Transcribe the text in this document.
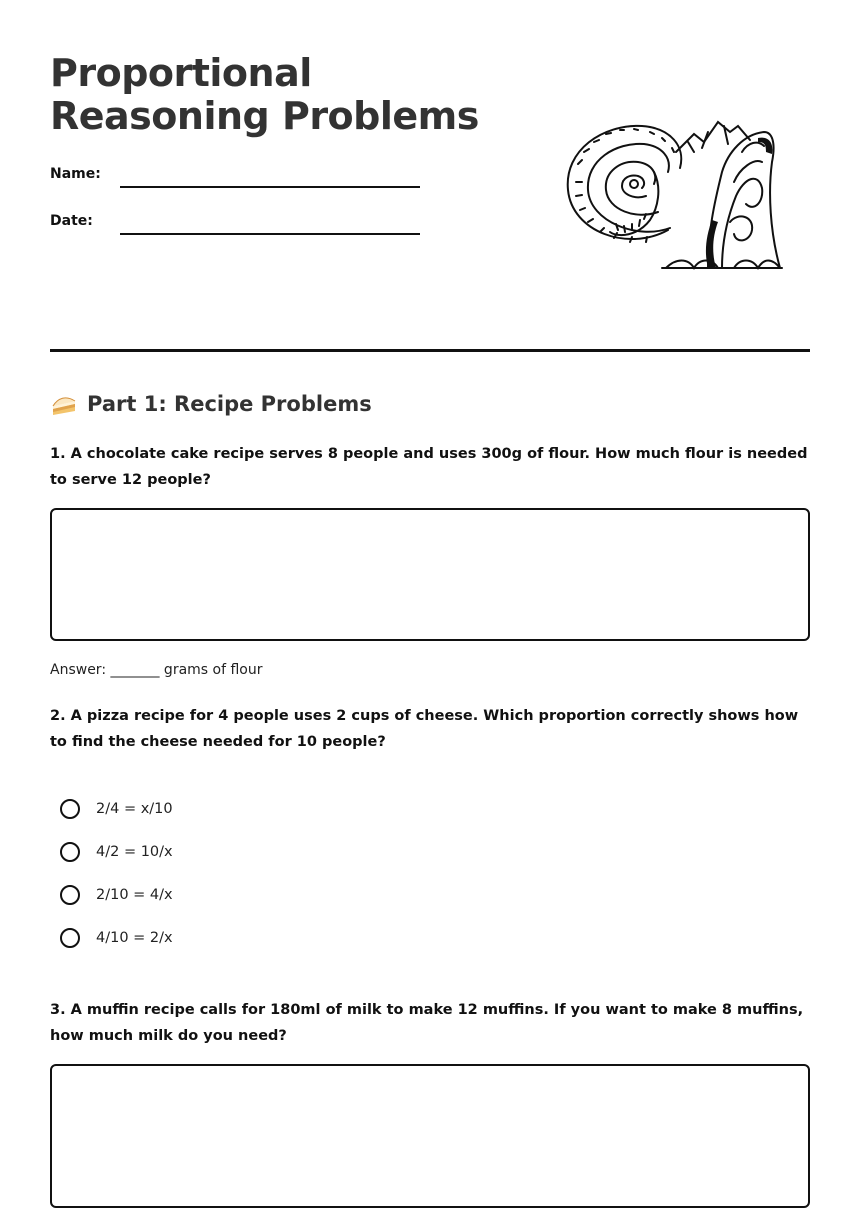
Proportional Reasoning Problems
Name:
Date:
Part 1: Recipe Problems

1. A chocolate cake recipe serves 8 people and uses 300g of flour. How much flour is needed to serve 12 people?

Answer: _______ grams of flour

2. A pizza recipe for 4 people uses 2 cups of cheese. Which proportion correctly shows how to find the cheese needed for 10 people?

2/4 = x/10
4/2 = 10/x
2/10 = 4/x
4/10 = 2/x

3. A muffin recipe calls for 180ml of milk to make 12 muffins. If you want to make 8 muffins, how much milk do you need?
